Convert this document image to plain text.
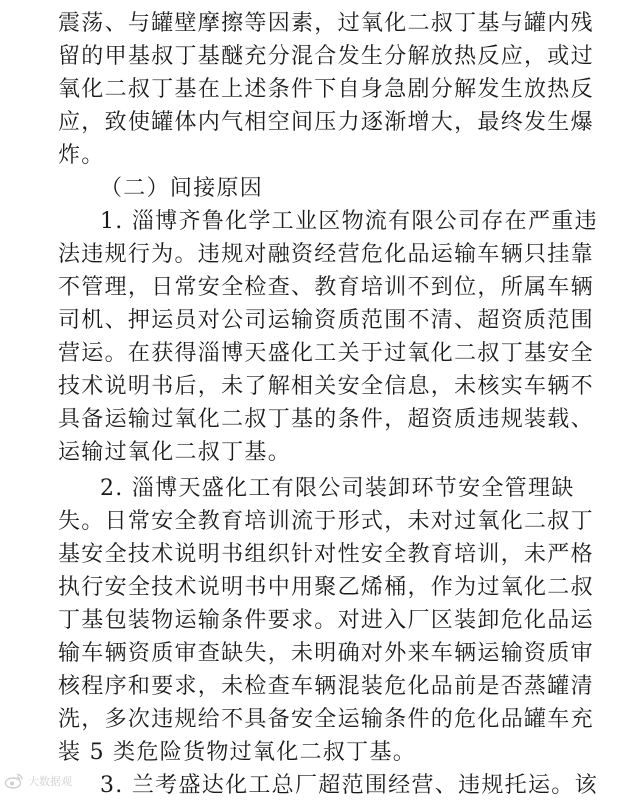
震荡、与罐壁摩擦等因素，过氧化二叔丁基与罐内残
留的甲基叔丁基醚充分混合发生分解放热反应，或过
氧化二叔丁基在上述条件下自身急剧分解发生放热反
应，致使罐体内气相空间压力逐渐增大，最终发生爆
炸。
（二）间接原因
1. 淄博齐鲁化学工业区物流有限公司存在严重违
法违规行为。违规对融资经营危化品运输车辆只挂靠
不管理，日常安全检查、教育培训不到位，所属车辆
司机、押运员对公司运输资质范围不清、超资质范围
营运。在获得淄博天盛化工关于过氧化二叔丁基安全
技术说明书后，未了解相关安全信息，未核实车辆不
具备运输过氧化二叔丁基的条件，超资质违规装载、
运输过氧化二叔丁基。
2. 淄博天盛化工有限公司装卸环节安全管理缺
失。日常安全教育培训流于形式，未对过氧化二叔丁
基安全技术说明书组织针对性安全教育培训，未严格
执行安全技术说明书中用聚乙烯桶，作为过氧化二叔
丁基包装物运输条件要求。对进入厂区装卸危化品运
输车辆资质审查缺失，未明确对外来车辆运输资质审
核程序和要求，未检查车辆混装危化品前是否蒸罐清
洗，多次违规给不具备安全运输条件的危化品罐车充
装 5 类危险货物过氧化二叔丁基。
3. 兰考盛达化工总厂超范围经营、违规托运。该
大数据观
